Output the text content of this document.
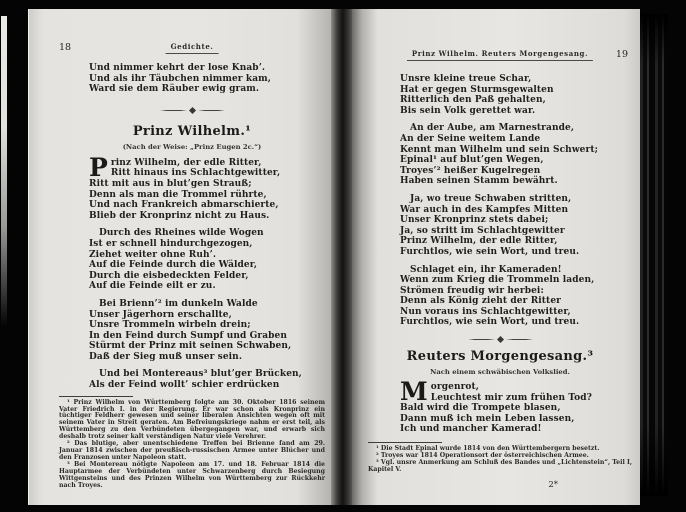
18	Gedichte.
Und nimmer kehrt der lose Knab’.
Und als ihr Täubchen nimmer kam,
Ward sie dem Räuber ewig gram.
Prinz Wilhelm.¹
(Nach der Weise: „Prinz Eugen 2c.“)
P rinz Wilhelm, der edle Ritter,
Ritt hinaus ins Schlachtgewitter,
Ritt mit aus in blut’gen Strauß;
Denn als man die Trommel rührte,
Und nach Frankreich abmarschierte,
Blieb der Kronprinz nicht zu Haus.
Durch des Rheines wilde Wogen
Ist er schnell hindurchgezogen,
Ziehet weiter ohne Ruh’.
Auf die Feinde durch die Wälder,
Durch die eisbedeckten Felder,
Auf die Feinde eilt er zu.
Bei Brienn’² im dunkeln Walde
Unser Jägerhorn erschallte,
Unsre Trommeln wirbeln drein;
In den Feind durch Sumpf und Graben
Stürmt der Prinz mit seinen Schwaben,
Daß der Sieg muß unser sein.
Und bei Montereaus³ blut’ger Brücken,
Als der Feind wollt’ schier erdrücken
¹ Prinz Wilhelm von Württemberg folgte am 30. Oktober 1816 seinem Vater Friedrich I. in der Regierung. Er war schon als Kronprinz ein tüchtiger Feldherr gewesen und seiner liberalen Ansichten wegen oft mit seinem Vater in Streit geraten. Am Befreiungskriege nahm er erst teil, als Württemberg zu den Verbündeten übergegangen war, und erwarb sich deshalb trotz seiner kalt verständigen Natur viele Verehrer.
² Das blutige, aber unentschiedene Treffen bei Brienne fand am 29. Januar 1814 zwischen der preußisch-russischen Armee unter Blücher und den Franzosen unter Napoleon statt.
³ Bei Montereau nötigte Napoleon am 17. und 18. Februar 1814 die Hauptarmee der Verbündeten unter Schwarzenberg durch Besiegung Wittgensteins und des Prinzen Wilhelm von Württemberg zur Rückkehr nach Troyes.
Prinz Wilhelm. Reuters Morgengesang.	19
Unsre kleine treue Schar,
Hat er gegen Sturmsgewalten
Ritterlich den Paß gehalten,
Bis sein Volk gerettet war.
An der Aube, am Marnestrande,
An der Seine weitem Lande
Kennt man Wilhelm und sein Schwert;
Epinal¹ auf blut’gen Wegen,
Troyes’² heißer Kugelregen
Haben seinen Stamm bewährt.
Ja, wo treue Schwaben stritten,
War auch in des Kampfes Mitten
Unser Kronprinz stets dabei;
Ja, so stritt im Schlachtgewitter
Prinz Wilhelm, der edle Ritter,
Furchtlos, wie sein Wort, und treu.
Schlaget ein, ihr Kameraden!
Wenn zum Krieg die Trommeln laden,
Strömen freudig wir herbei:
Denn als König zieht der Ritter
Nun voraus ins Schlachtgewitter,
Furchtlos, wie sein Wort, und treu.
Reuters Morgengesang.³
Nach einem schwäbischen Volkslied.
M orgenrot,
Leuchtest mir zum frühen Tod?
Bald wird die Trompete blasen,
Dann muß ich mein Leben lassen,
Ich und mancher Kamerad!
¹ Die Stadt Epinal wurde 1814 von den Württembergern besetzt.
² Troyes war 1814 Operationsort der österreichischen Armee.
³ Vgl. unsre Anmerkung am Schluß des Bandes und „Lichtenstein“, Teil I, Kapitel V.
2*
